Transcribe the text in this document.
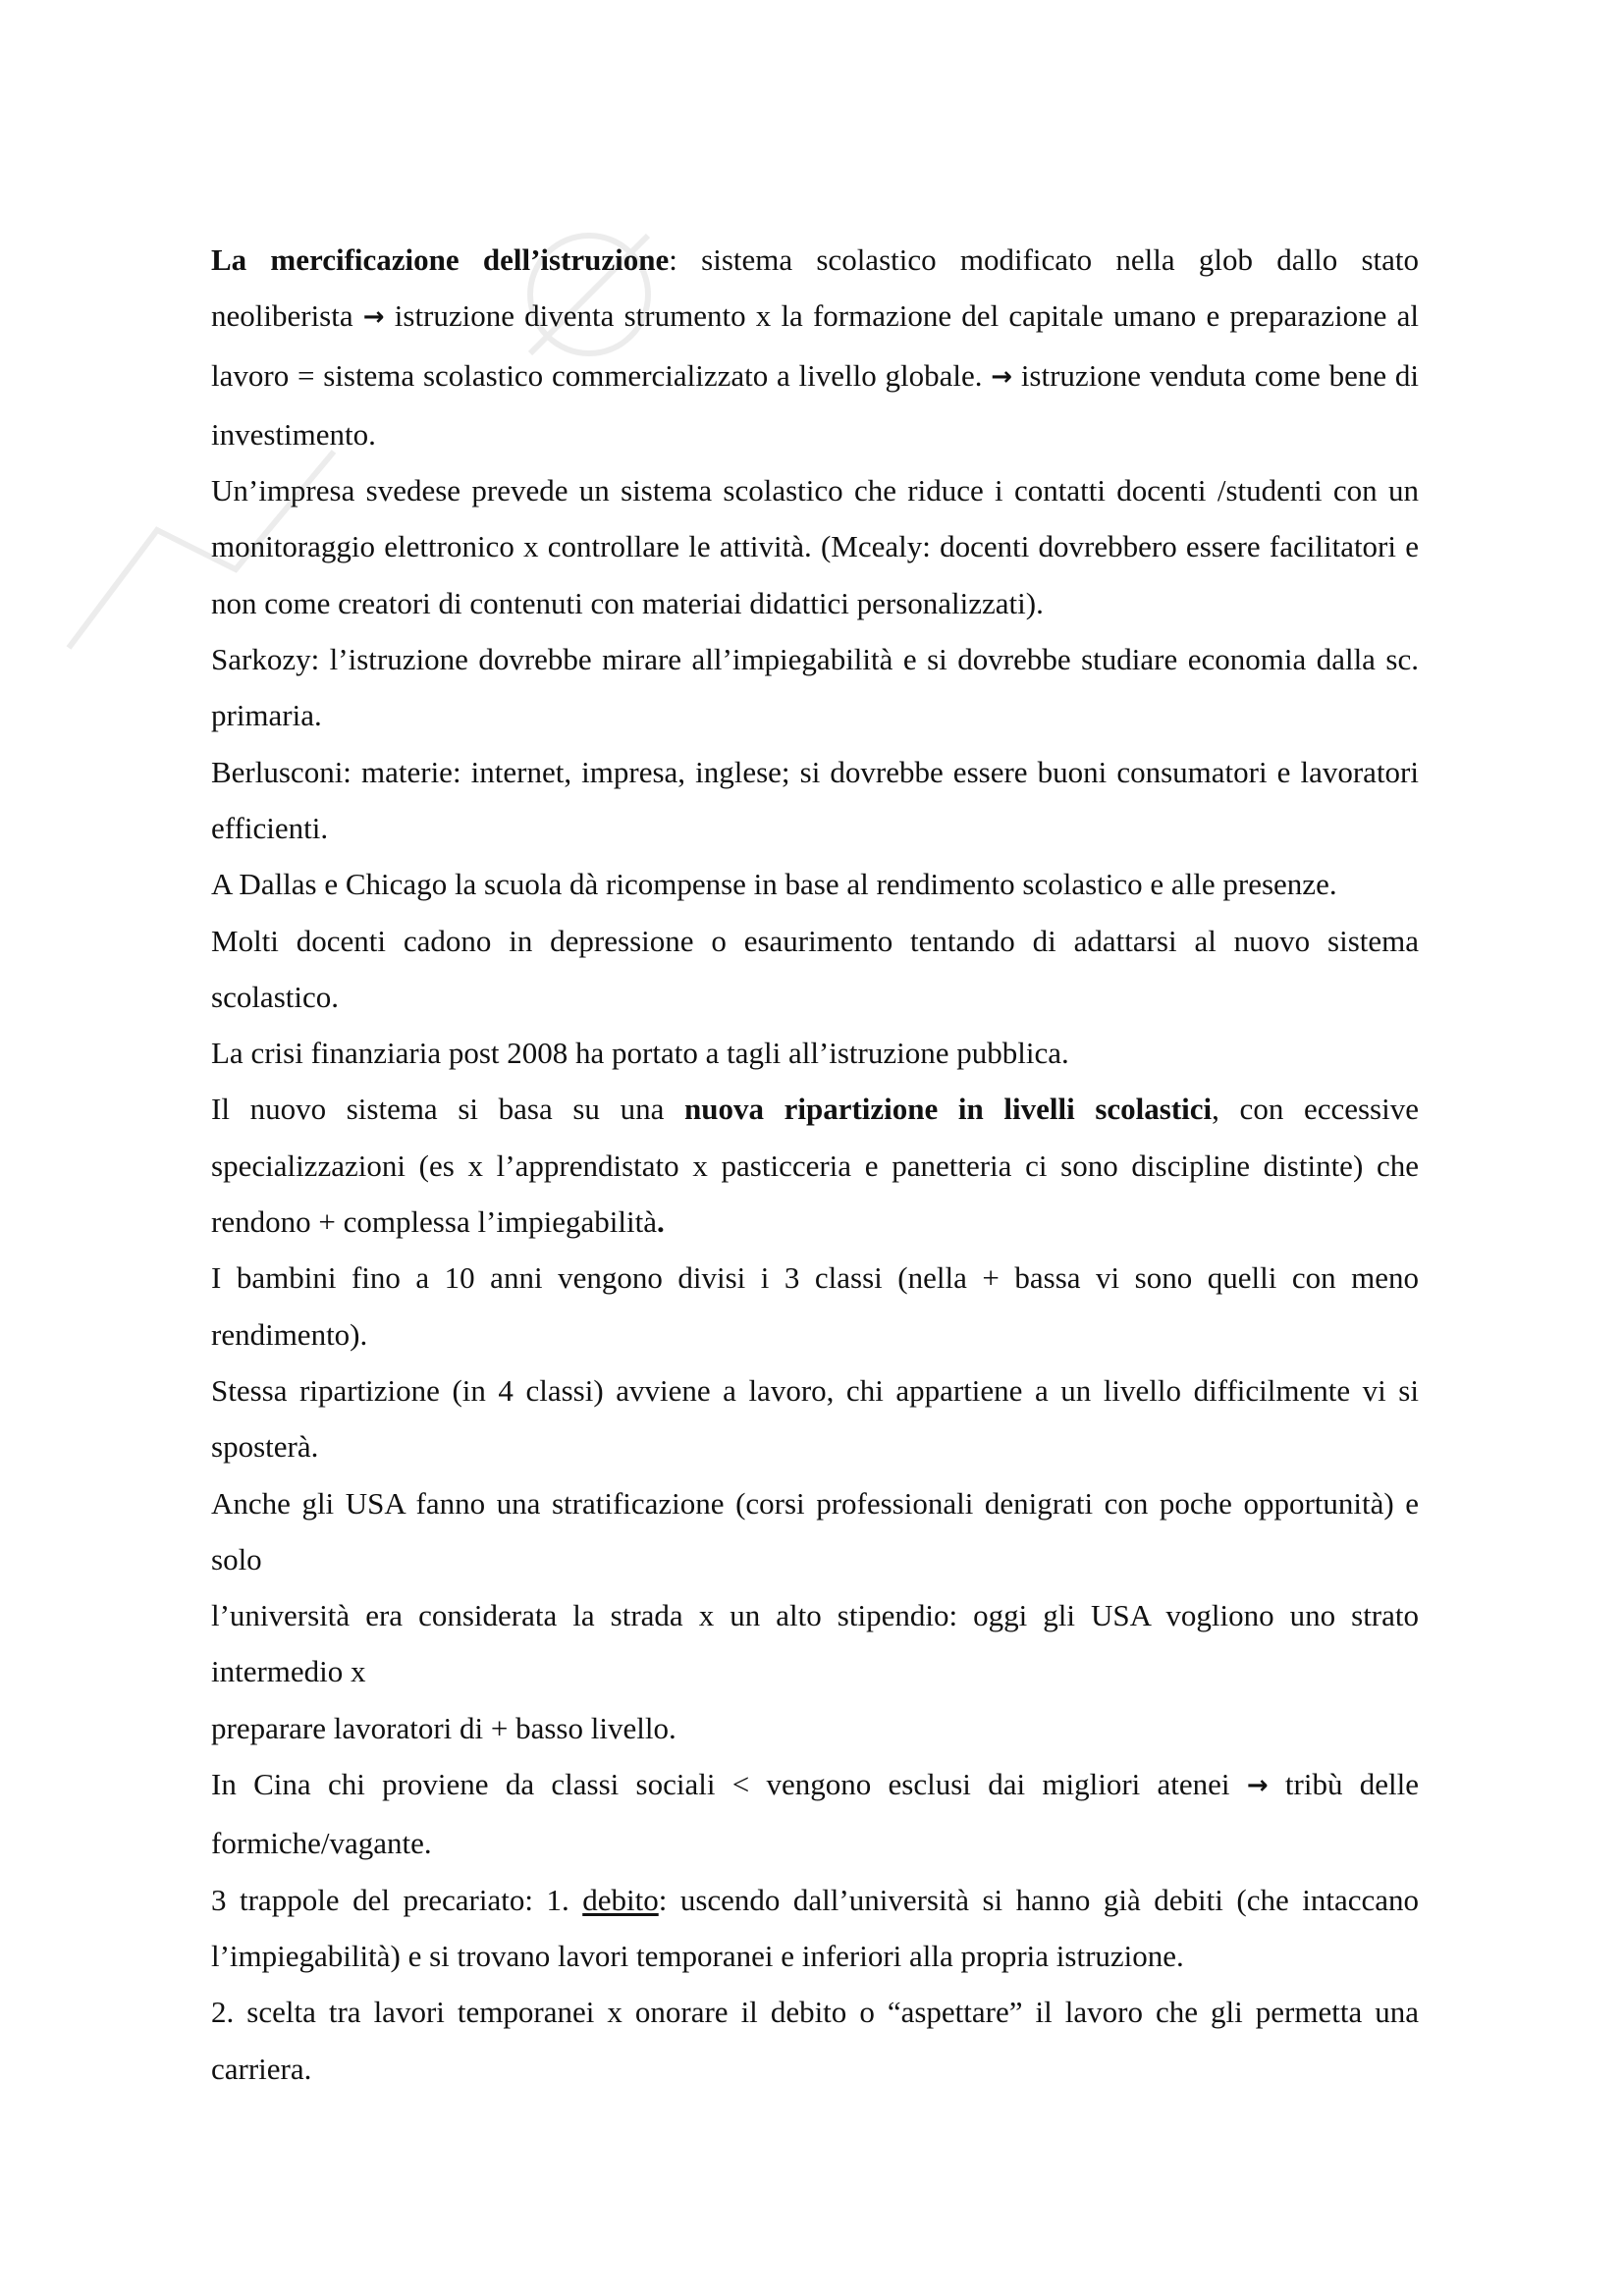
La mercificazione dell’istruzione: sistema scolastico modificato nella glob dallo stato neoliberista → istruzione diventa strumento x la formazione del capitale umano e preparazione al lavoro = sistema scolastico commercializzato a livello globale. → istruzione venduta come bene di investimento.

Un’impresa svedese prevede un sistema scolastico che riduce i contatti docenti /studenti con un monitoraggio elettronico x controllare le attività. (Mcealy: docenti dovrebbero essere facilitatori e non come creatori di contenuti con materiai didattici personalizzati).

Sarkozy: l’istruzione dovrebbe mirare all’impiegabilità e si dovrebbe studiare economia dalla sc. primaria.

Berlusconi: materie: internet, impresa, inglese; si dovrebbe essere buoni consumatori e lavoratori efficienti.

A Dallas e Chicago la scuola dà ricompense in base al rendimento scolastico e alle presenze.

Molti docenti cadono in depressione o esaurimento tentando di adattarsi al nuovo sistema scolastico.

La crisi finanziaria post 2008 ha portato a tagli all’istruzione pubblica.

Il nuovo sistema si basa su una nuova ripartizione in livelli scolastici, con eccessive specializzazioni (es x l’apprendistato x pasticceria e panetteria ci sono discipline distinte) che rendono + complessa l’impiegabilità.

I bambini fino a 10 anni vengono divisi i 3 classi (nella + bassa vi sono quelli con meno rendimento).

Stessa ripartizione (in 4 classi) avviene a lavoro, chi appartiene a un livello difficilmente vi si sposterà.

Anche gli USA fanno una stratificazione (corsi professionali denigrati con poche opportunità) e solo

l’università era considerata la strada x un alto stipendio: oggi gli USA vogliono uno strato intermedio x

preparare lavoratori di + basso livello.

In Cina chi proviene da classi sociali < vengono esclusi dai migliori atenei → tribù delle formiche/vagante.

3 trappole del precariato: 1. debito: uscendo dall’università si hanno già debiti (che intaccano l’impiegabilità) e si trovano lavori temporanei e inferiori alla propria istruzione.

2. scelta tra lavori temporanei x onorare il debito o “aspettare” il lavoro che gli permetta una carriera.
